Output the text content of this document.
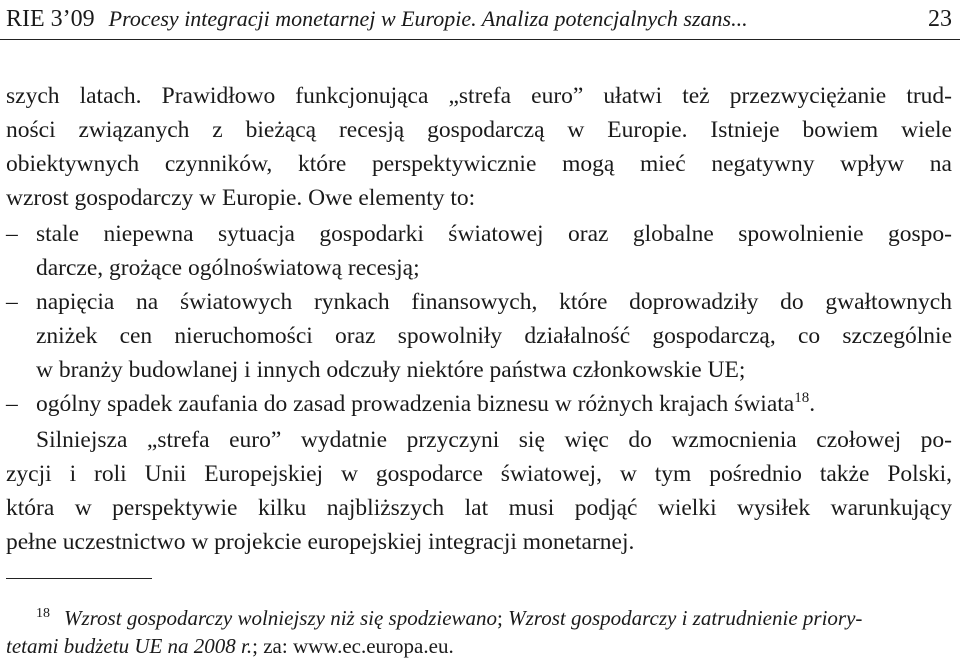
RIE 3’09 Procesy integracji monetarnej w Europie. Analiza potencjalnych szans...	23
szych latach. Prawidłowo funkcjonująca „strefa euro” ułatwi też przezwyciężanie trud-
ności związanych z bieżącą recesją gospodarczą w Europie. Istnieje bowiem wiele
obiektywnych czynników, które perspektywicznie mogą mieć negatywny wpływ na
wzrost gospodarczy w Europie. Owe elementy to:
– stale niepewna sytuacja gospodarki światowej oraz globalne spowolnienie gospo-
darcze, grożące ogólnoświatową recesją;
– napięcia na światowych rynkach finansowych, które doprowadziły do gwałtownych
zniżek cen nieruchomości oraz spowolniły działalność gospodarczą, co szczególnie
w branży budowlanej i innych odczuły niektóre państwa członkowskie UE;
– ogólny spadek zaufania do zasad prowadzenia biznesu w różnych krajach świata$^{18}$.
Silniejsza „strefa euro” wydatnie przyczyni się więc do wzmocnienia czołowej po-
zycji i roli Unii Europejskiej w gospodarce światowej, w tym pośrednio także Polski,
która w perspektywie kilku najbliższych lat musi podjąć wielki wysiłek warunkujący
pełne uczestnictwo w projekcie europejskiej integracji monetarnej.
18 Wzrost gospodarczy wolniejszy niż się spodziewano; Wzrost gospodarczy i zatrudnienie priory-
tetami budżetu UE na 2008 r.; za: www.ec.europa.eu.
